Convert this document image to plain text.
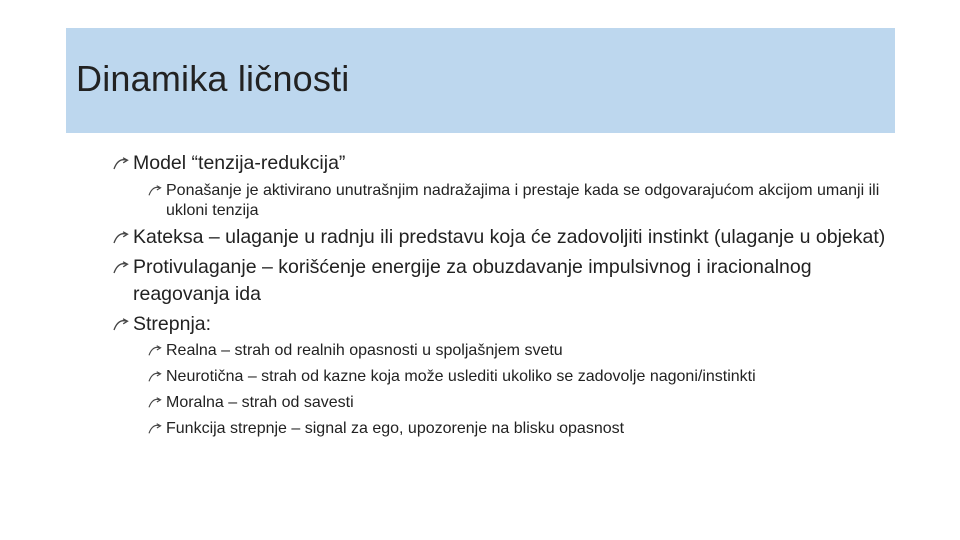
Dinamika ličnosti

Model “tenzija-redukcija”

Ponašanje je aktivirano unutrašnjim nadražajima i prestaje kada se odgovarajućom akcijom umanji ili ukloni tenzija

Kateksa – ulaganje u radnju ili predstavu koja će zadovoljiti instinkt (ulaganje u objekat)

Protivulaganje – korišćenje energije za obuzdavanje impulsivnog i iracionalnog reagovanja ida

Strepnja:

Realna – strah od realnih opasnosti u spoljašnjem svetu

Neurotična – strah od kazne koja može uslediti ukoliko se zadovolje nagoni/instinkti

Moralna – strah od savesti

Funkcija strepnje – signal za ego, upozorenje na blisku opasnost
